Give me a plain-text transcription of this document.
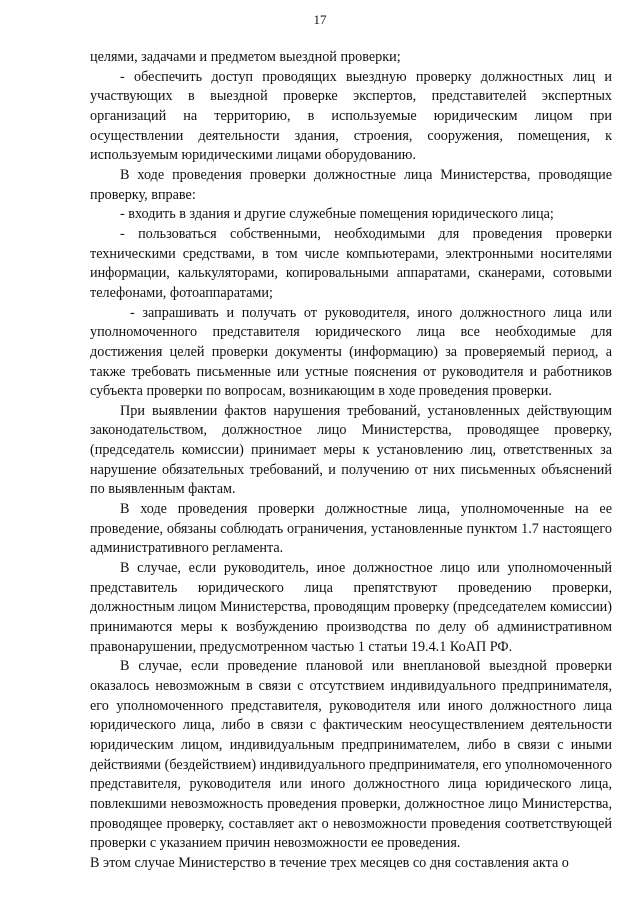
17

целями, задачами и предметом выездной проверки;

- обеспечить доступ проводящих выездную проверку должностных лиц и участвующих в выездной проверке экспертов, представителей экспертных организаций на территорию, в используемые юридическим лицом при осуществлении деятельности здания, строения, сооружения, помещения, к используемым юридическими лицами оборудованию.

В ходе проведения проверки должностные лица Министерства, проводящие проверку, вправе:

- входить в здания и другие служебные помещения юридического лица;

- пользоваться собственными, необходимыми для проведения проверки техническими средствами, в том числе компьютерами, электронными носителями информации, калькуляторами, копировальными аппаратами, сканерами, сотовыми телефонами, фотоаппаратами;

- запрашивать и получать от руководителя, иного должностного лица или уполномоченного представителя юридического лица все необходимые для достижения целей проверки документы (информацию) за проверяемый период, а также требовать письменные или устные пояснения от руководителя и работников субъекта проверки по вопросам, возникающим в ходе проведения проверки.

При выявлении фактов нарушения требований, установленных действующим законодательством, должностное лицо Министерства, проводящее проверку, (председатель комиссии) принимает меры к установлению лиц, ответственных за нарушение обязательных требований, и получению от них письменных объяснений по выявленным фактам.

В ходе проведения проверки должностные лица, уполномоченные на ее проведение, обязаны соблюдать ограничения, установленные пунктом 1.7 настоящего административного регламента.

В случае, если руководитель, иное должностное лицо или уполномоченный представитель юридического лица препятствуют проведению проверки, должностным лицом Министерства, проводящим проверку (председателем комиссии) принимаются меры к возбуждению производства по делу об административном правонарушении, предусмотренном частью 1 статьи 19.4.1 КоАП РФ.

В случае, если проведение плановой или внеплановой выездной проверки оказалось невозможным в связи с отсутствием индивидуального предпринимателя, его уполномоченного представителя, руководителя или иного должностного лица юридического лица, либо в связи с фактическим неосуществлением деятельности юридическим лицом, индивидуальным предпринимателем, либо в связи с иными действиями (бездействием) индивидуального предпринимателя, его уполномоченного представителя, руководителя или иного должностного лица юридического лица, повлекшими невозможность проведения проверки, должностное лицо Министерства, проводящее проверку, составляет акт о невозможности проведения соответствующей проверки с указанием причин невозможности ее проведения.

В этом случае Министерство в течение трех месяцев со дня составления акта о
